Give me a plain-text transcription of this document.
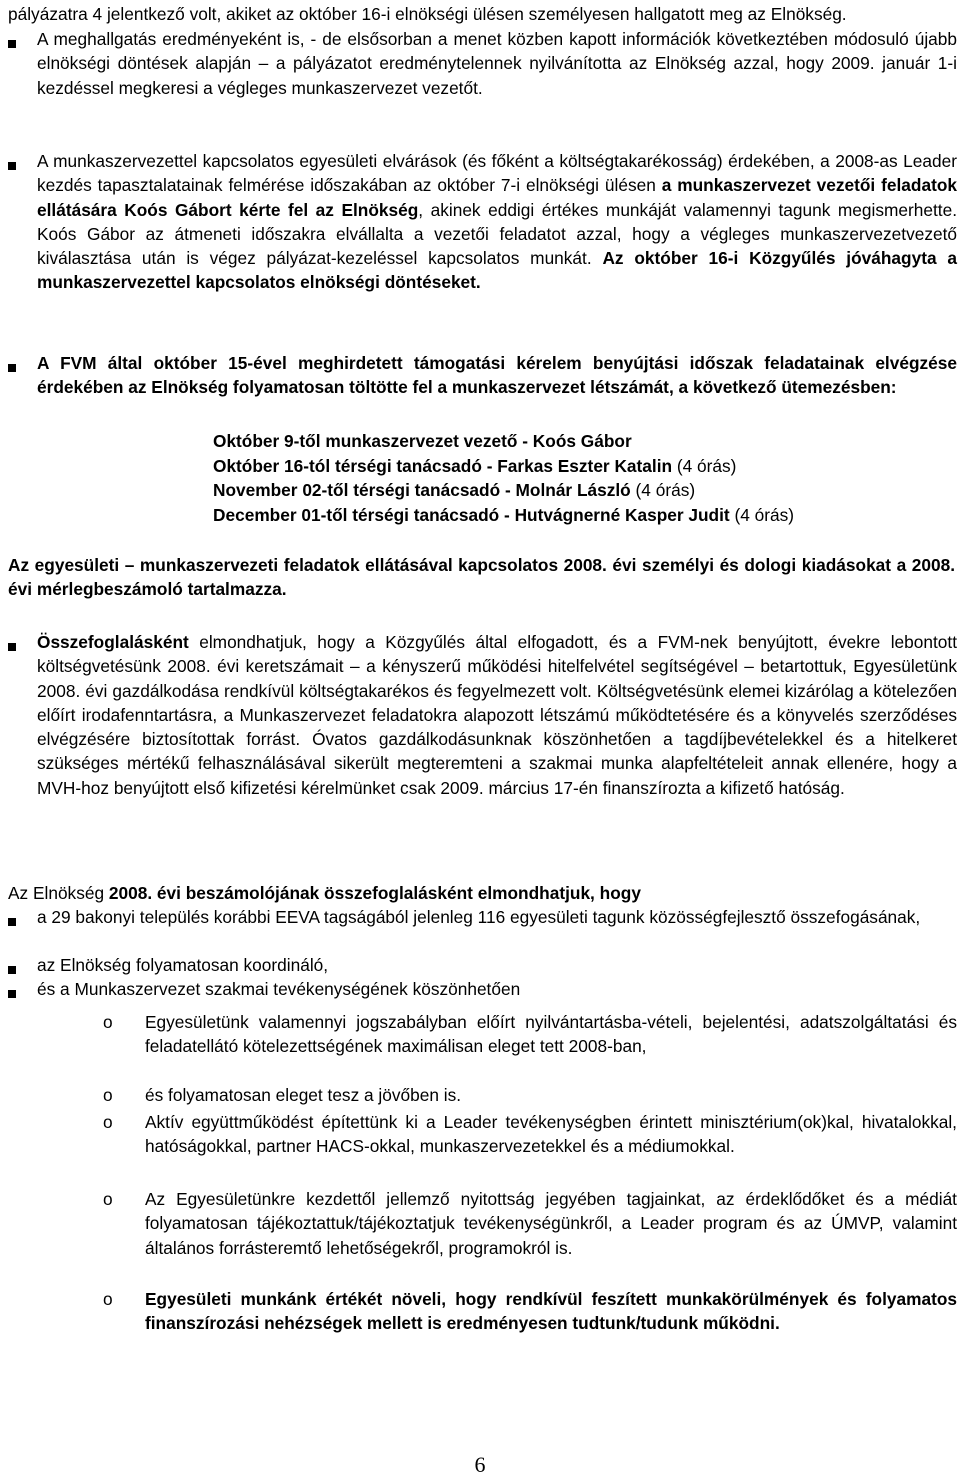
pályázatra 4 jelentkező volt, akiket az október 16-i elnökségi ülésen személyesen hallgatott meg az Elnökség.

A meghallgatás eredményeként is, - de elsősorban a menet közben kapott információk következtében módosuló újabb elnökségi döntések alapján – a pályázatot eredménytelennek nyilvánította az Elnökség azzal, hogy 2009. január 1-i kezdéssel megkeresi a végleges munkaszervezet vezetőt.

A munkaszervezettel kapcsolatos egyesületi elvárások (és főként a költségtakarékosság) érdekében, a 2008-as Leader kezdés tapasztalatainak felmérése időszakában az október 7-i elnökségi ülésen a munkaszervezet vezetői feladatok ellátására Koós Gábort kérte fel az Elnökség, akinek eddigi értékes munkáját valamennyi tagunk megismerhette. Koós Gábor az átmeneti időszakra elvállalta a vezetői feladatot azzal, hogy a végleges munkaszervezetvezető kiválasztása után is végez pályázat-kezeléssel kapcsolatos munkát. Az október 16-i Közgyűlés jóváhagyta a munkaszervezettel kapcsolatos elnökségi döntéseket.

A FVM által október 15-ével meghirdetett támogatási kérelem benyújtási időszak feladatainak elvégzése érdekében az Elnökség folyamatosan töltötte fel a munkaszervezet létszámát, a következő ütemezésben:

Október 9-től munkaszervezet vezető - Koós Gábor
Október 16-tól térségi tanácsadó - Farkas Eszter Katalin (4 órás)
November 02-től térségi tanácsadó - Molnár László (4 órás)
December 01-től térségi tanácsadó - Hutvágnerné Kasper Judit (4 órás)

Az egyesületi – munkaszervezeti feladatok ellátásával kapcsolatos 2008. évi személyi és dologi kiadásokat a 2008. évi mérlegbeszámoló tartalmazza.

Összefoglalásként elmondhatjuk, hogy a Közgyűlés által elfogadott, és a FVM-nek benyújtott, évekre lebontott költségvetésünk 2008. évi keretszámait – a kényszerű működési hitelfelvétel segítségével – betartottuk, Egyesületünk 2008. évi gazdálkodása rendkívül költségtakarékos és fegyelmezett volt. Költségvetésünk elemei kizárólag a kötelezően előírt irodafenntartásra, a Munkaszervezet feladatokra alapozott létszámú működtetésére és a könyvelés szerződéses elvégzésére biztosítottak forrást. Óvatos gazdálkodásunknak köszönhetően a tagdíjbevételekkel és a hitelkeret szükséges mértékű felhasználásával sikerült megteremteni a szakmai munka alapfeltételeit annak ellenére, hogy a MVH-hoz benyújtott első kifizetési kérelmünket csak 2009. március 17-én finanszírozta a kifizető hatóság.

Az Elnökség 2008. évi beszámolójának összefoglalásként elmondhatjuk, hogy

a 29 bakonyi település korábbi EEVA tagságából jelenleg 116 egyesületi tagunk közösségfejlesztő összefogásának,

az Elnökség folyamatosan koordináló,

és a Munkaszervezet szakmai tevékenységének köszönhetően

o Egyesületünk valamennyi jogszabályban előírt nyilvántartásba-vételi, bejelentési, adatszolgáltatási és feladatellátó kötelezettségének maximálisan eleget tett 2008-ban,

o és folyamatosan eleget tesz a jövőben is.

o Aktív együttműködést építettünk ki a Leader tevékenységben érintett minisztérium(ok)kal, hivatalokkal, hatóságokkal, partner HACS-okkal, munkaszervezetekkel és a médiumokkal.

o Az Egyesületünkre kezdettől jellemző nyitottság jegyében tagjainkat, az érdeklődőket és a médiát folyamatosan tájékoztattuk/tájékoztatjuk tevékenységünkről, a Leader program és az ÚMVP, valamint általános forrásteremtő lehetőségekről, programokról is.

o Egyesületi munkánk értékét növeli, hogy rendkívül feszített munkakörülmények és folyamatos finanszírozási nehézségek mellett is eredményesen tudtunk/tudunk működni.

6
